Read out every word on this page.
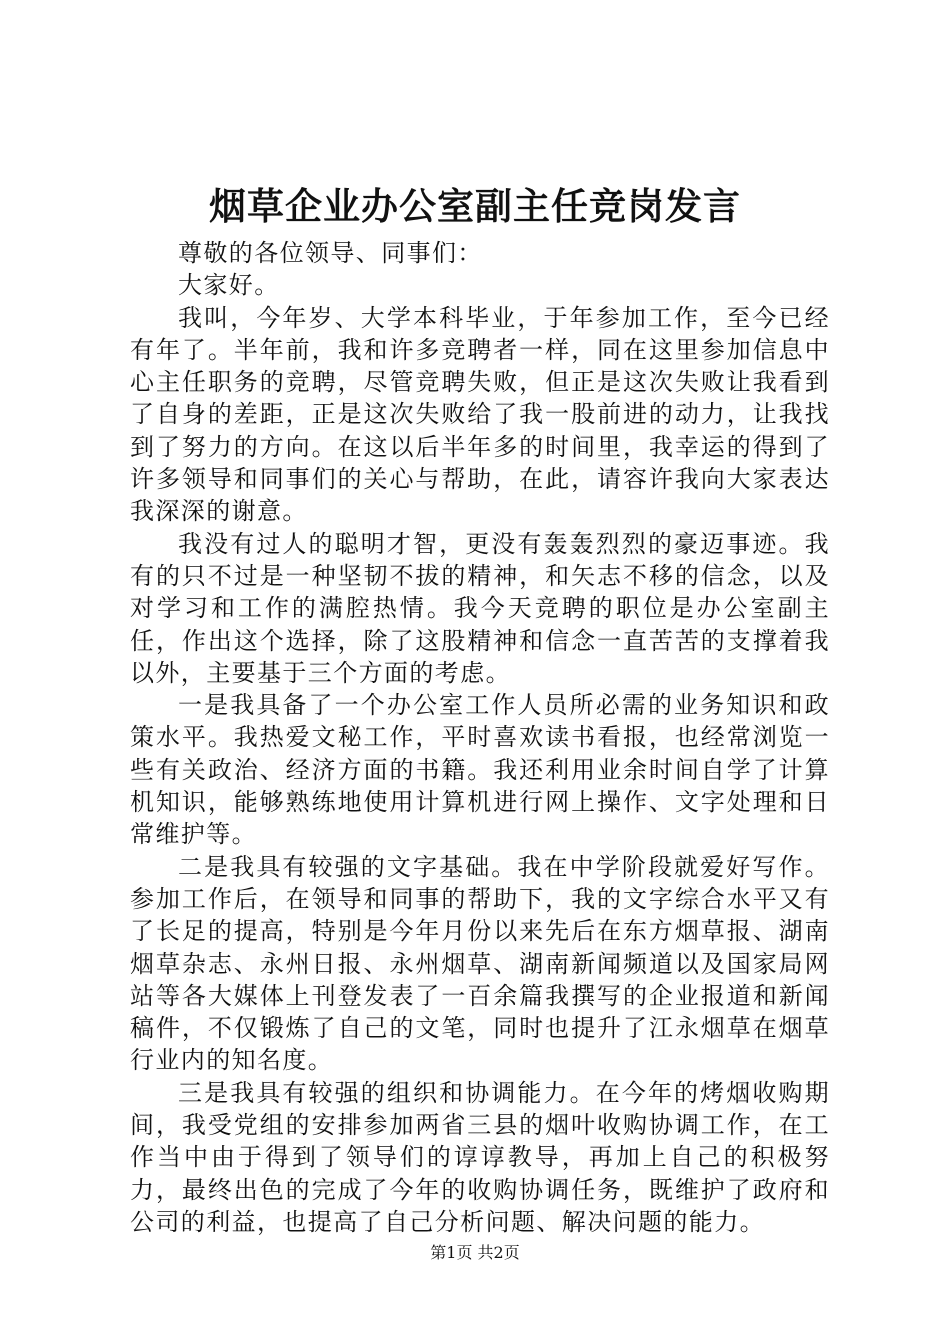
烟草企业办公室副主任竞岗发言

尊敬的各位领导、同事们：

大家好。

我叫，今年岁、大学本科毕业，于年参加工作，至今已经有年了。半年前，我和许多竞聘者一样，同在这里参加信息中心主任职务的竞聘，尽管竞聘失败，但正是这次失败让我看到了自身的差距，正是这次失败给了我一股前进的动力，让我找到了努力的方向。在这以后半年多的时间里，我幸运的得到了许多领导和同事们的关心与帮助，在此，请容许我向大家表达我深深的谢意。

我没有过人的聪明才智，更没有轰轰烈烈的豪迈事迹。我有的只不过是一种坚韧不拔的精神，和矢志不移的信念，以及对学习和工作的满腔热情。我今天竞聘的职位是办公室副主任，作出这个选择，除了这股精神和信念一直苦苦的支撑着我以外，主要基于三个方面的考虑。

一是我具备了一个办公室工作人员所必需的业务知识和政策水平。我热爱文秘工作，平时喜欢读书看报，也经常浏览一些有关政治、经济方面的书籍。我还利用业余时间自学了计算机知识，能够熟练地使用计算机进行网上操作、文字处理和日常维护等。

二是我具有较强的文字基础。我在中学阶段就爱好写作。参加工作后，在领导和同事的帮助下，我的文字综合水平又有了长足的提高，特别是今年月份以来先后在东方烟草报、湖南烟草杂志、永州日报、永州烟草、湖南新闻频道以及国家局网站等各大媒体上刊登发表了一百余篇我撰写的企业报道和新闻稿件，不仅锻炼了自己的文笔，同时也提升了江永烟草在烟草行业内的知名度。

三是我具有较强的组织和协调能力。在今年的烤烟收购期间，我受党组的安排参加两省三县的烟叶收购协调工作，在工作当中由于得到了领导们的谆谆教导，再加上自己的积极努力，最终出色的完成了今年的收购协调任务，既维护了政府和公司的利益，也提高了自己分析问题、解决问题的能力。

第1页 共2页
